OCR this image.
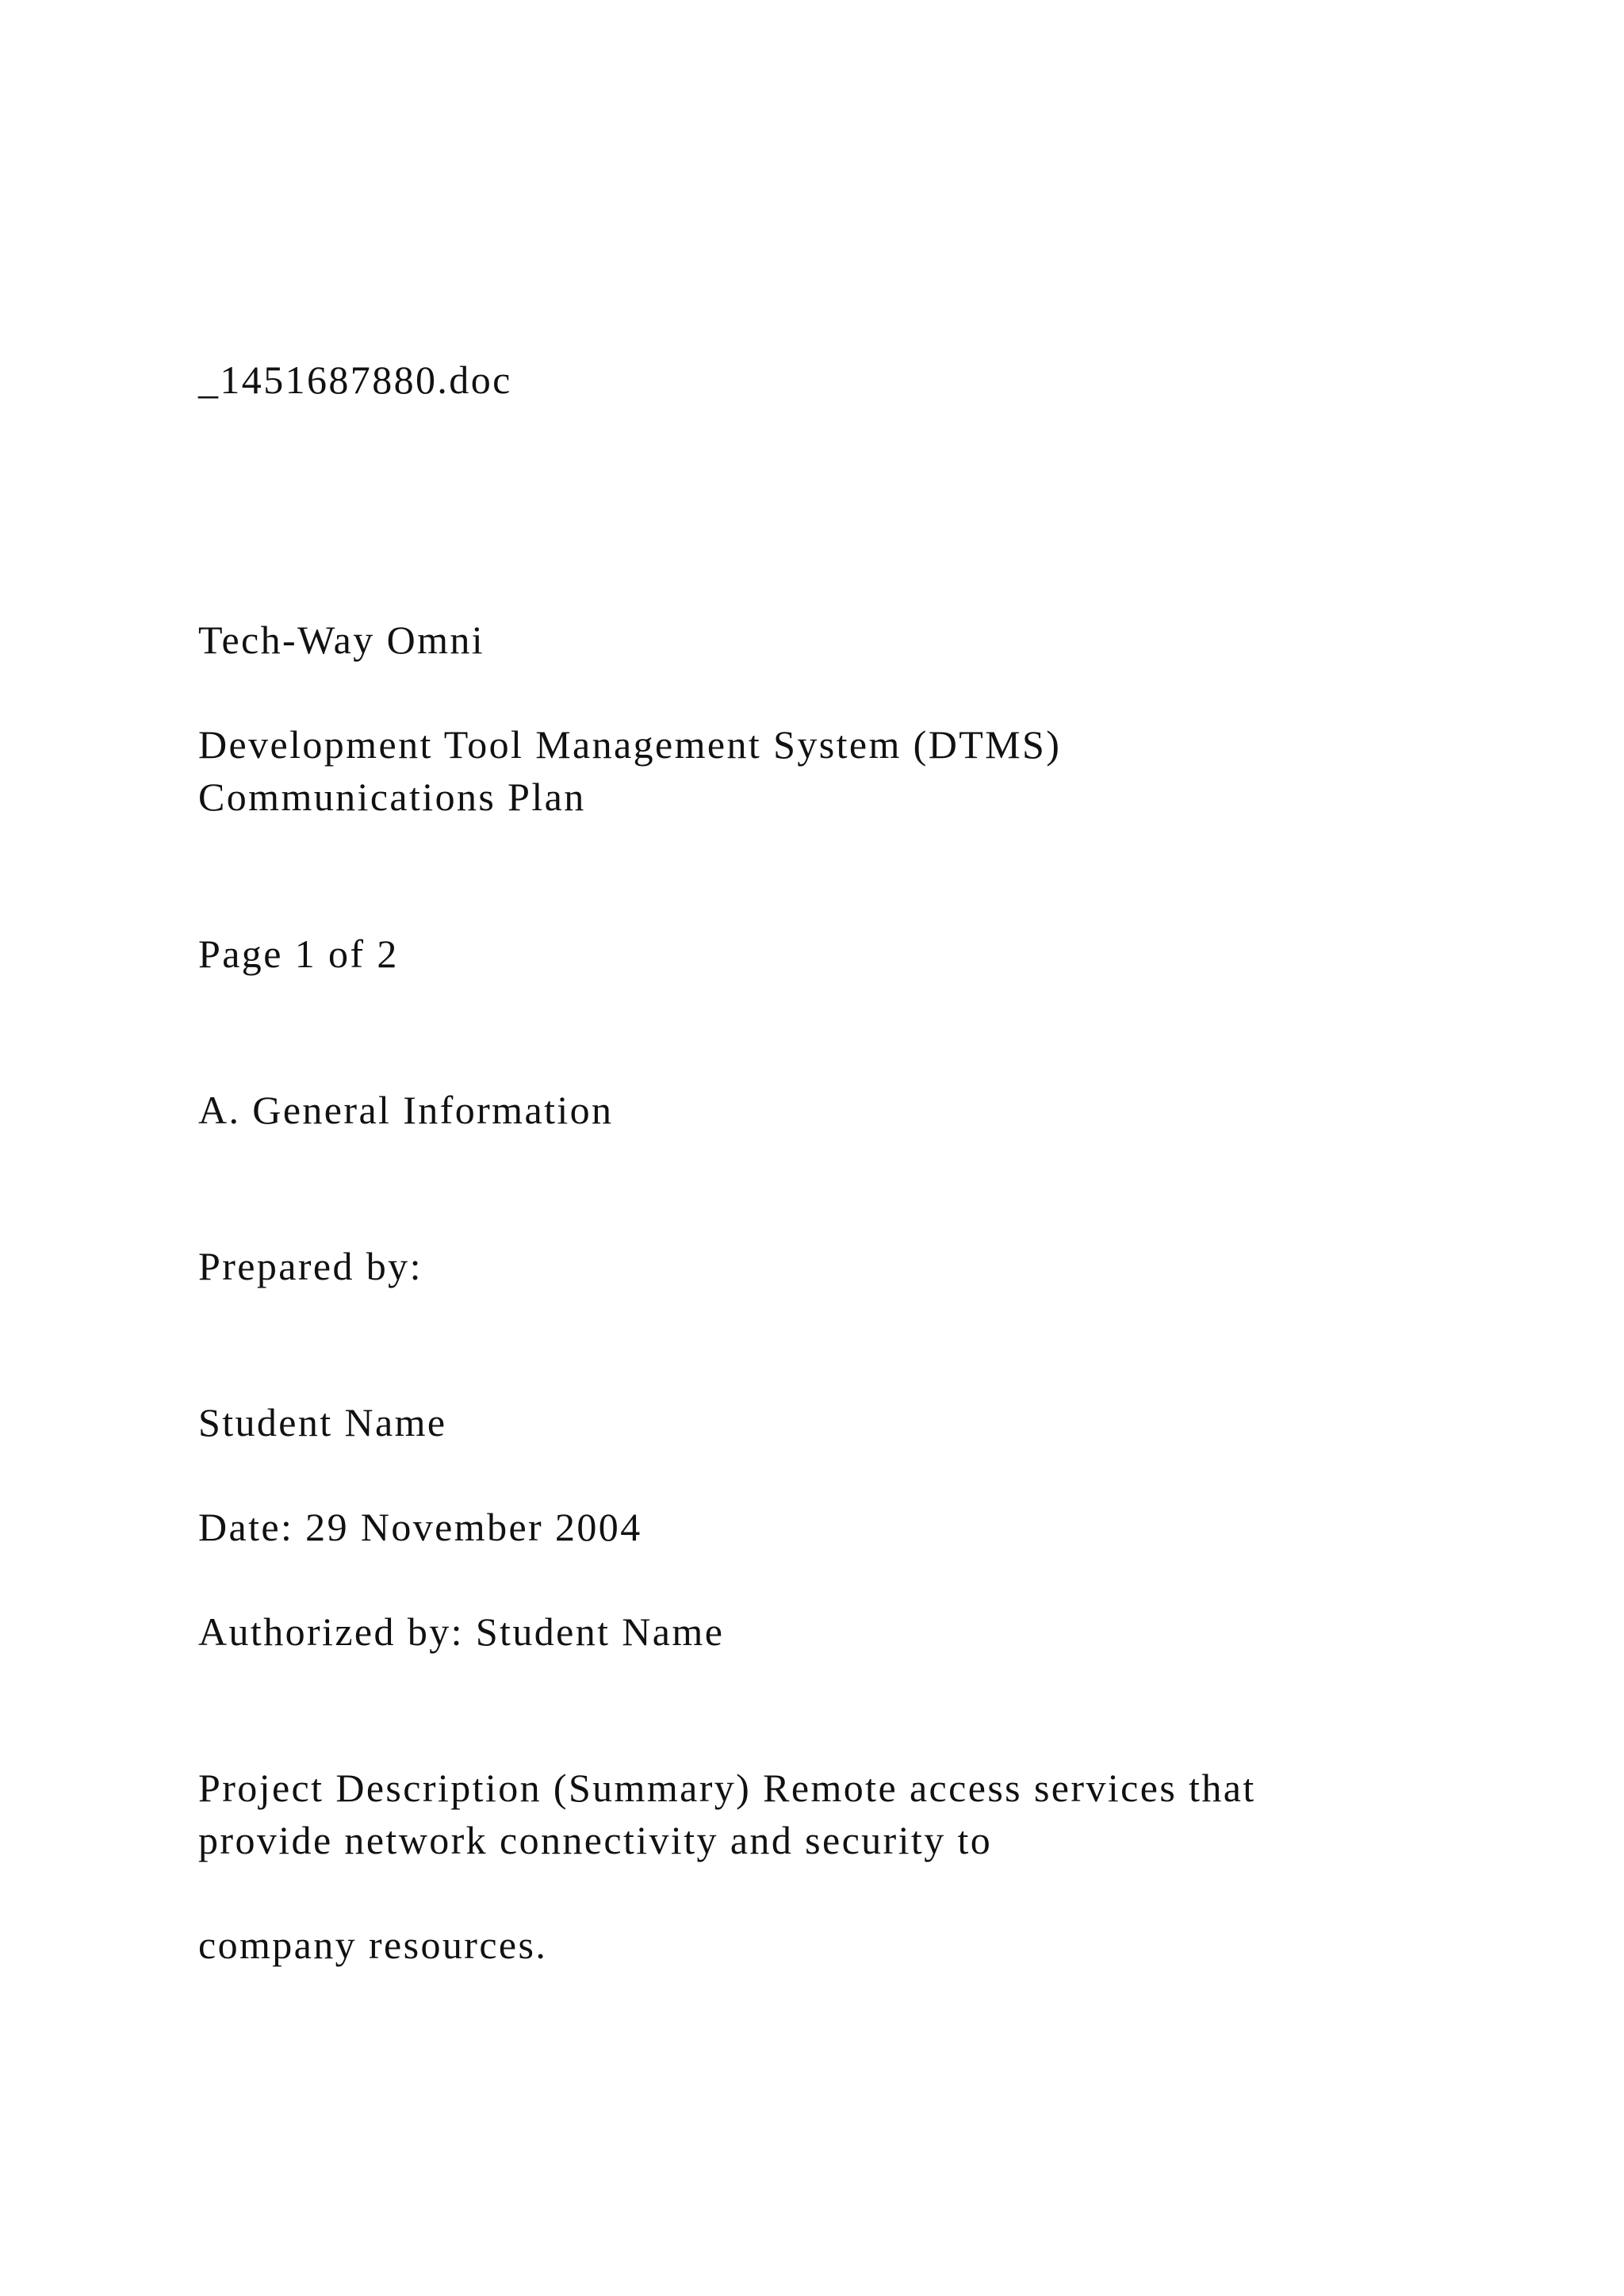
_1451687880.doc

Tech-Way Omni

Development Tool Management System (DTMS)

Communications Plan

Page 1 of 2

A. General Information

Prepared by:

Student Name

Date: 29 November 2004

Authorized by: Student Name

Project Description (Summary) Remote access services that

provide network connectivity and security to

company resources.
